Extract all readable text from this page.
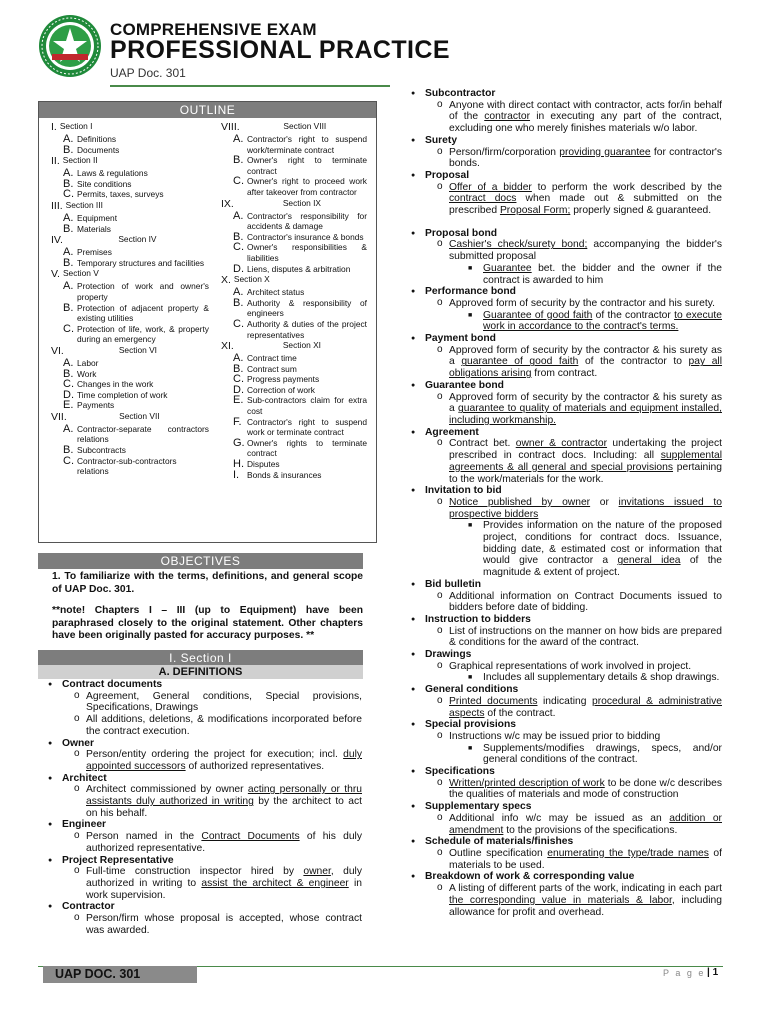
COMPREHENSIVE EXAM
PROFESSIONAL PRACTICE
UAP Doc. 301
OUTLINE
I. Section I
A. Definitions
B. Documents
II. Section II
A. Laws & regulations
B. Site conditions
C. Permits, taxes, surveys
III. Section III
A. Equipment
B. Materials
IV.	Section IV
A. Premises
B. Temporary structures and facilities
V. Section V
A. Protection of work and owner's property
B. Protection of adjacent property & existing utilities
C. Protection of life, work, & property during an emergency
VI.	Section VI
A. Labor
B. Work
C. Changes in the work
D. Time completion of work
E. Payments
VII.	Section VII
A. Contractor-separate contractors relations
B. Subcontracts
C. Contractor-sub-contractors relations
VIII.	Section VIII
A. Contractor's right to suspend work/terminate contract
B. Owner's right to terminate contract
C. Owner's right to proceed work after takeover from contractor
IX.	Section IX
A. Contractor's responsibility for accidents & damage
B. Contractor's insurance & bonds
C. Owner's responsibilities & liabilities
D. Liens, disputes & arbitration
X. Section X
A. Architect status
B. Authority & responsibility of engineers
C. Authority & duties of the project representatives
XI.	Section XI
A. Contract time
B. Contract sum
C. Progress payments
D. Correction of work
E. Sub-contractors claim for extra cost
F. Contractor's right to suspend work or terminate contract
G. Owner's rights to terminate contract
H. Disputes
I. Bonds & insurances
OBJECTIVES

1. To familiarize with the terms, definitions, and general scope of UAP Doc. 301.

**note! Chapters I – III (up to Equipment) have been paraphrased closely to the original statement. Other chapters have been originally pasted for accuracy purposes. **

I. Section I
A. DEFINITIONS
● Contract documents
o Agreement, General conditions, Special provisions, Specifications, Drawings
o All additions, deletions, & modifications incorporated before the contract execution.
● Owner
o Person/entity ordering the project for execution; incl. duly appointed successors of authorized representatives.
● Architect
o Architect commissioned by owner acting personally or thru assistants duly authorized in writing by the architect to act on his behalf.
● Engineer
o Person named in the Contract Documents of his duly authorized representative.
● Project Representative
o Full-time construction inspector hired by owner, duly authorized in writing to assist the architect & engineer in work supervision.
● Contractor
o Person/firm whose proposal is accepted, whose contract was awarded.
● Subcontractor
o Anyone with direct contact with contractor, acts for/in behalf of the contractor in executing any part of the contract, excluding one who merely finishes materials w/o labor.
● Surety
o Person/firm/corporation providing guarantee for contractor's bonds.
● Proposal
o Offer of a bidder to perform the work described by the contract docs when made out & submitted on the prescribed Proposal Form; properly signed & guaranteed.
● Proposal bond
o Cashier's check/surety bond; accompanying the bidder's submitted proposal
■ Guarantee bet. the bidder and the owner if the contract is awarded to him
● Performance bond
o Approved form of security by the contractor and his surety.
■ Guarantee of good faith of the contractor to execute work in accordance to the contract's terms.
● Payment bond
o Approved form of security by the contractor & his surety as a guarantee of good faith of the contractor to pay all obligations arising from contract.
● Guarantee bond
o Approved form of security by the contractor & his surety as a guarantee to quality of materials and equipment installed, including workmanship.
● Agreement
o Contract bet. owner & contractor undertaking the project prescribed in contract docs. Including: all supplemental agreements & all general and special provisions pertaining to the work/materials for the work.
● Invitation to bid
o Notice published by owner or invitations issued to prospective bidders
■ Provides information on the nature of the proposed project, conditions for contract docs. Issuance, bidding date, & estimated cost or information that would give contractor a general idea of the magnitude & extent of project.
● Bid bulletin
o Additional information on Contract Documents issued to bidders before date of bidding.
● Instruction to bidders
o List of instructions on the manner on how bids are prepared & conditions for the award of the contract.
● Drawings
o Graphical representations of work involved in project.
■ Includes all supplementary details & shop drawings.
● General conditions
o Printed documents indicating procedural & administrative aspects of the contract.
● Special provisions
o Instructions w/c may be issued prior to bidding
■ Supplements/modifies drawings, specs, and/or general conditions of the contract.
● Specifications
o Written/printed description of work to be done w/c describes the qualities of materials and mode of construction
● Supplementary specs
o Additional info w/c may be issued as an addition or amendment to the provisions of the specifications.
● Schedule of materials/finishes
o Outline specification enumerating the type/trade names of materials to be used.
● Breakdown of work & corresponding value
o A listing of different parts of the work, indicating in each part the corresponding value in materials & labor, including allowance for profit and overhead.
UAP DOC. 301	P a g e | 1
